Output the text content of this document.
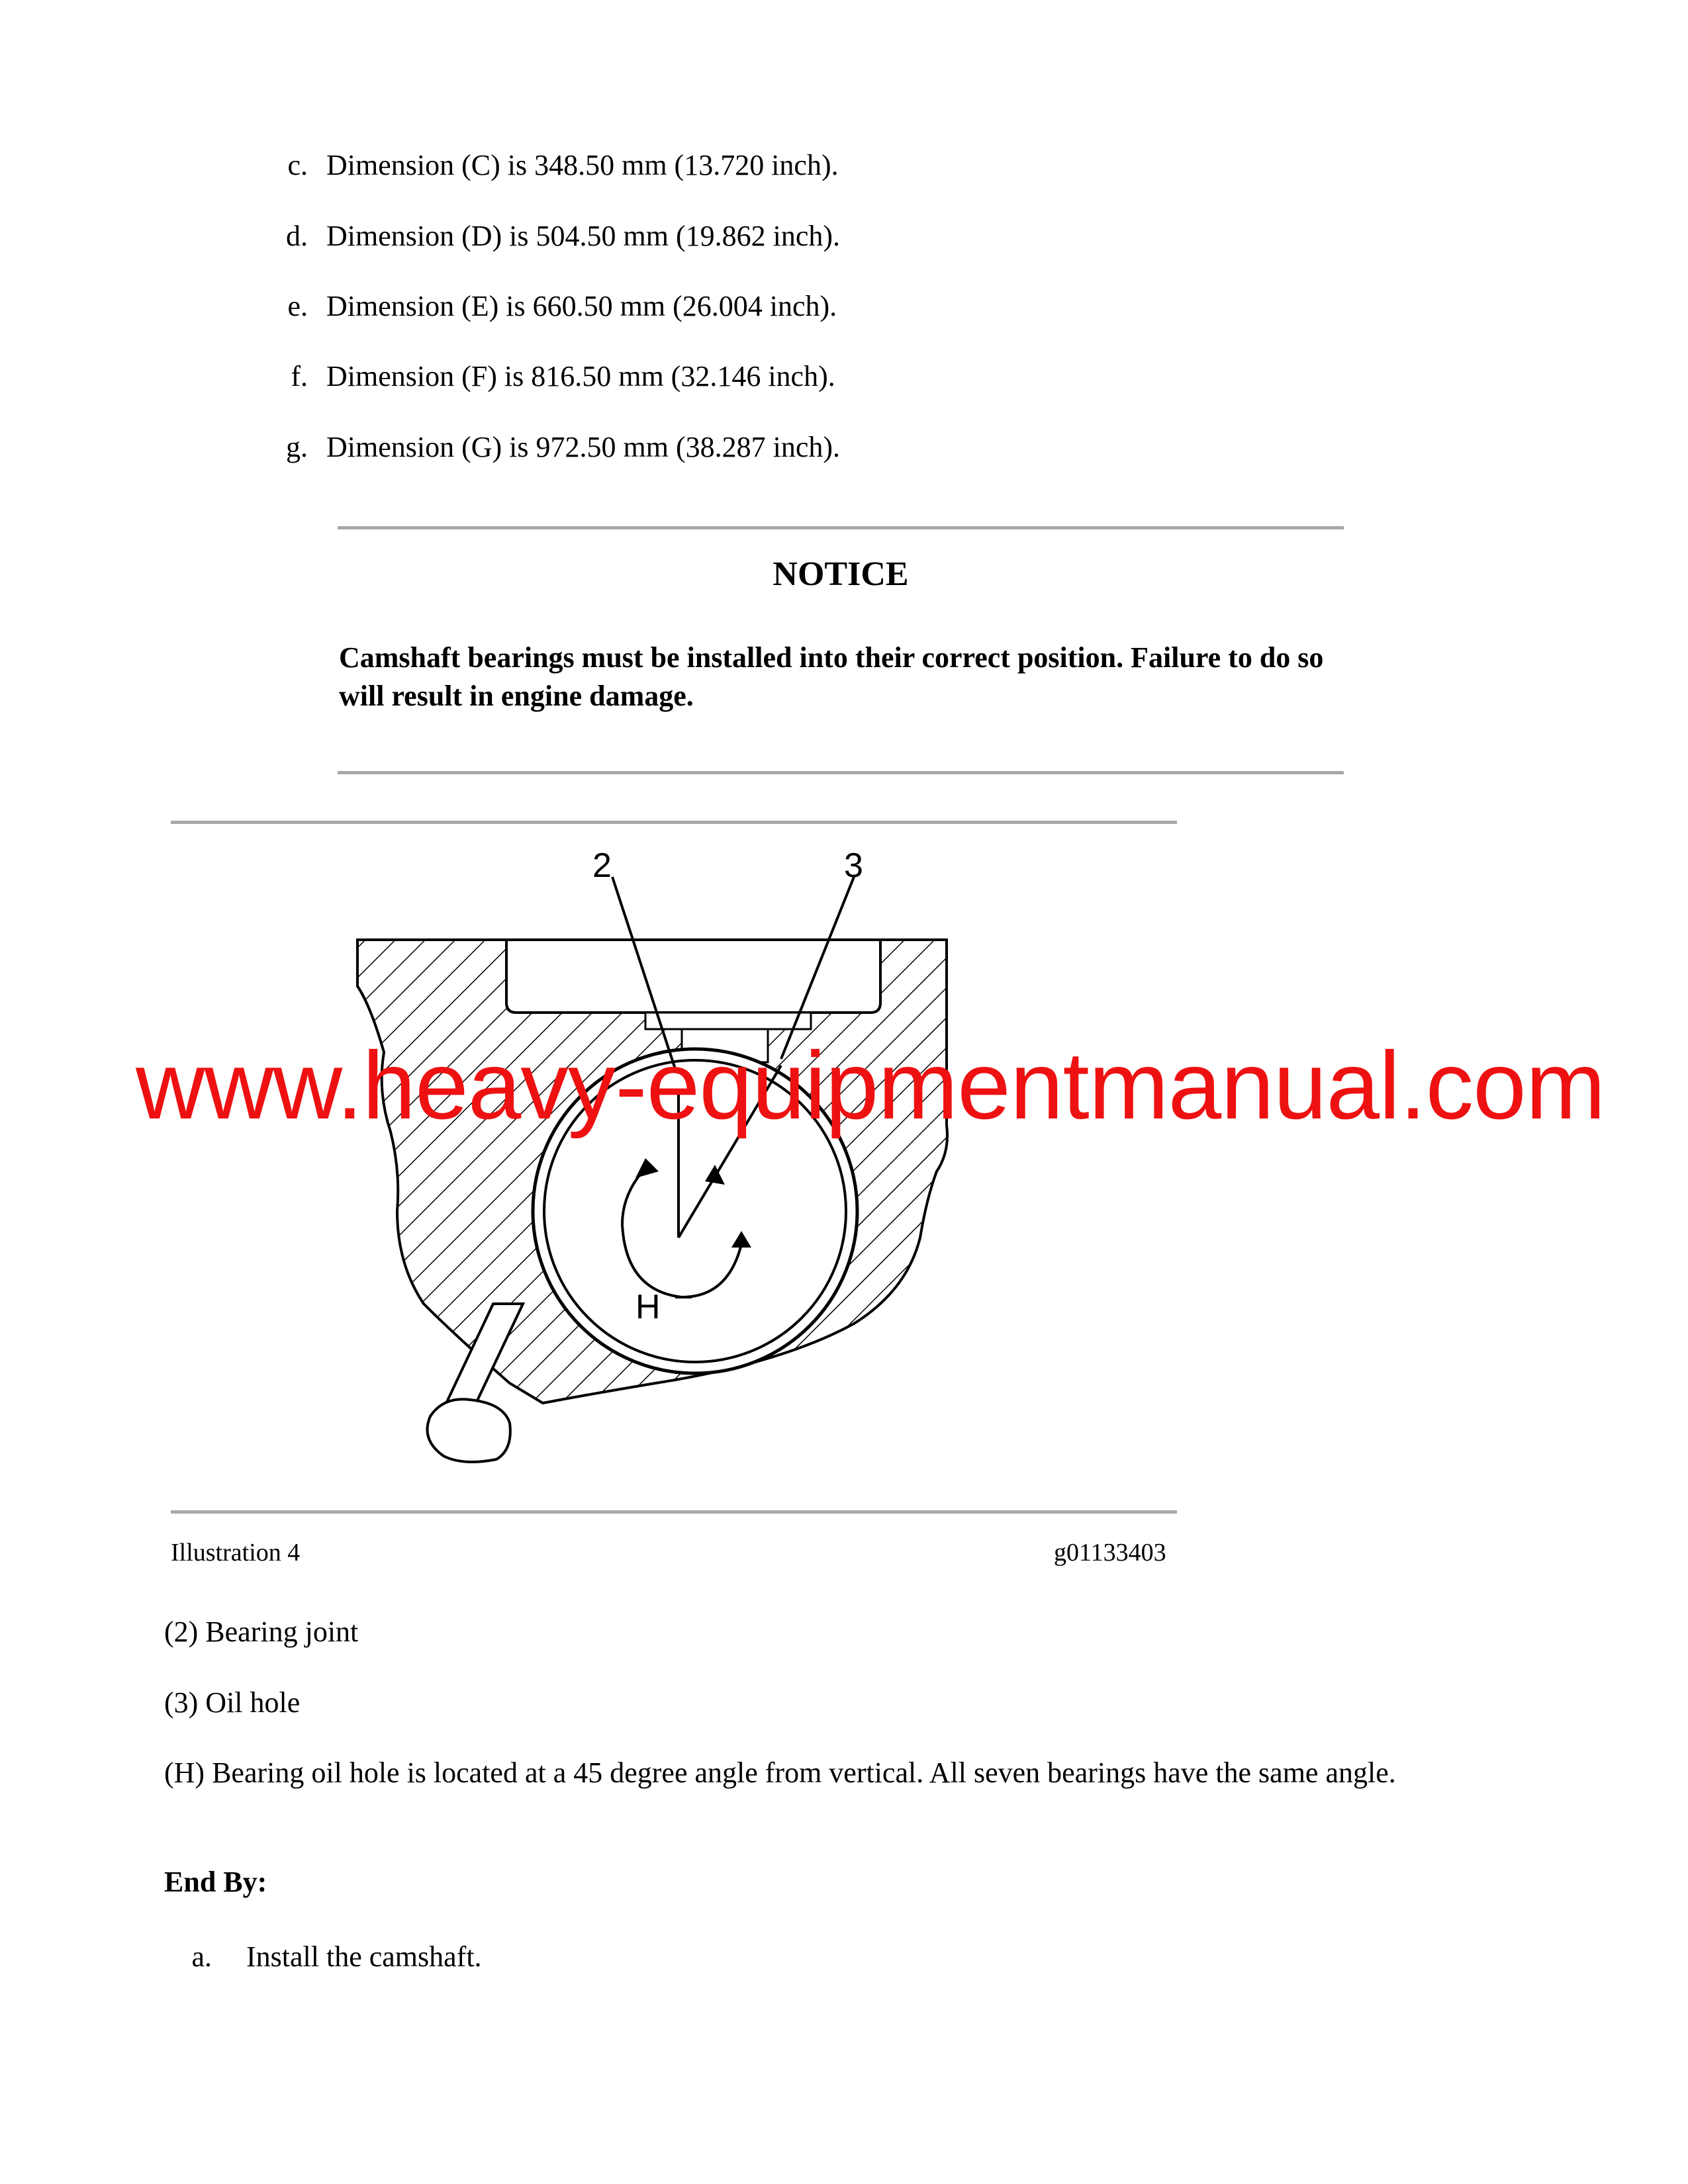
c. Dimension (C) is 348.50 mm (13.720 inch).
d. Dimension (D) is 504.50 mm (19.862 inch).
e. Dimension (E) is 660.50 mm (26.004 inch).
f. Dimension (F) is 816.50 mm (32.146 inch).
g. Dimension (G) is 972.50 mm (38.287 inch).
NOTICE
Camshaft bearings must be installed into their correct position. Failure to do so will result in engine damage.
2	3
H
Illustration 4	g01133403
(2) Bearing joint
(3) Oil hole
(H) Bearing oil hole is located at a 45 degree angle from vertical. All seven bearings have the same angle.
End By:
a. Install the camshaft.
www.heavy-equipmentmanual.com
